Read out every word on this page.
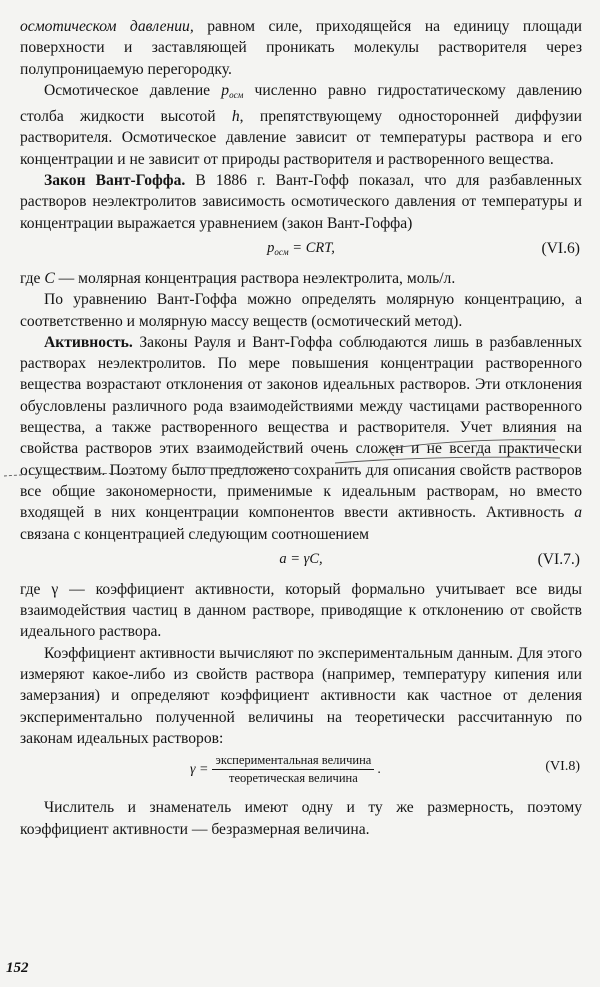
осмотическом давлении, равном силе, приходящейся на единицу площади поверхности и заставляющей проникать молекулы растворителя через полупроницаемую перегородку.

Осмотическое давление $p_{осм}$ численно равно гидростатическому давлению столба жидкости высотой h, препятствующему односторонней диффузии растворителя. Осмотическое давление зависит от температуры раствора и его концентрации и не зависит от природы растворителя и растворенного вещества.

Закон Вант-Гоффа. В 1886 г. Вант-Гофф показал, что для разбавленных растворов неэлектролитов зависимость осмотического давления от температуры и концентрации выражается уравнением (закон Вант-Гоффа)

$p_{осм}$ = CRT,	(VI.6)

где C — молярная концентрация раствора неэлектролита, моль/л.

По уравнению Вант-Гоффа можно определять молярную концентрацию, а соответственно и молярную массу веществ (осмотический метод).

Активность. Законы Рауля и Вант-Гоффа соблюдаются лишь в разбавленных растворах неэлектролитов. По мере повышения концентрации растворенного вещества возрастают отклонения от законов идеальных растворов. Эти отклонения обусловлены различного рода взаимодействиями между частицами растворенного вещества, а также растворенного вещества и растворителя. Учет влияния на свойства растворов этих взаимодействий очень сложен и не всегда практически осуществим. Поэтому было предложено сохранить для описания свойств растворов все общие закономерности, применимые к идеальным растворам, но вместо входящей в них концентрации компонентов ввести активность. Активность a связана с концентрацией следующим соотношением

a = γC,	(VI.7.)

где γ — коэффициент активности, который формально учитывает все виды взаимодействия частиц в данном растворе, приводящие к отклонению от свойств идеального раствора.

Коэффициент активности вычисляют по экспериментальным данным. Для этого измеряют какое-либо из свойств раствора (например, температуру кипения или замерзания) и определяют коэффициент активности как частное от деления экспериментально полученной величины на теоретически рассчитанную по законам идеальных растворов:

γ =
экспериментальная величина
теоретическая величина
.	(VI.8)

Числитель и знаменатель имеют одну и ту же размерность, поэтому коэффициент активности — безразмерная величина.

152
